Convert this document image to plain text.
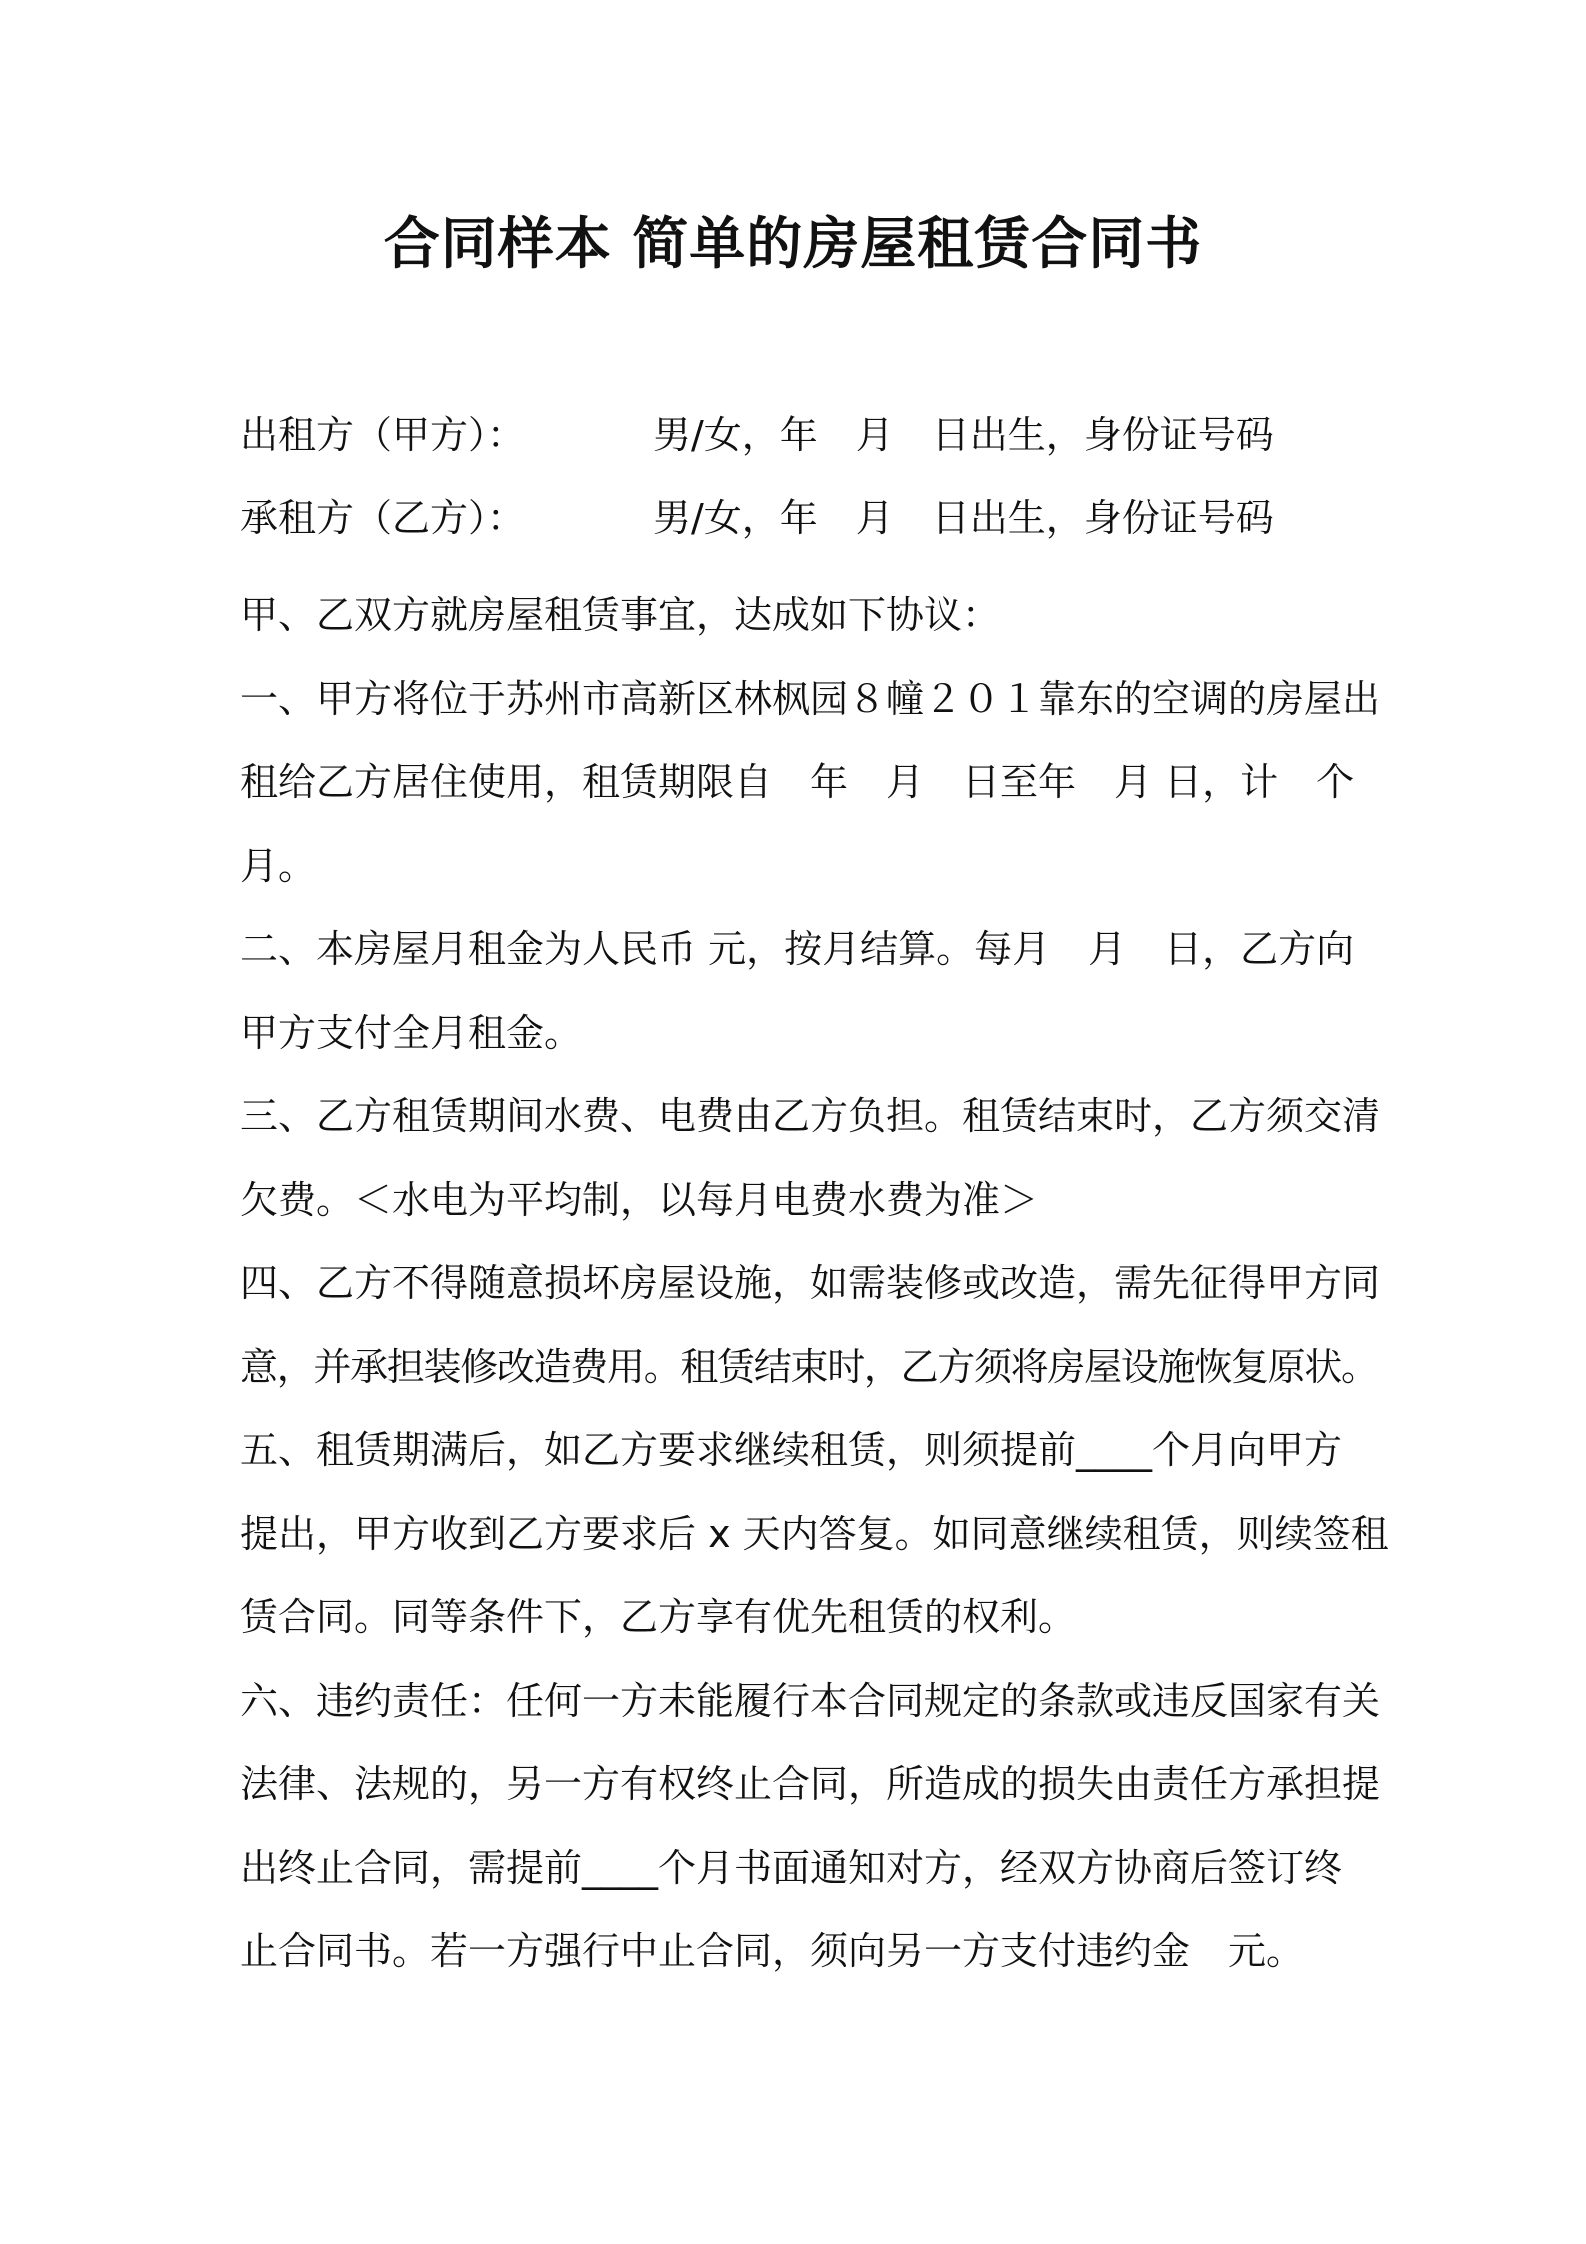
合同样本 简单的房屋租赁合同书
出租方（甲方）：	男/女，年　月　日出生，身份证号码
承租方（乙方）：	男/女，年　月　日出生，身份证号码

甲、乙双方就房屋租赁事宜，达成如下协议：

一、甲方将位于苏州市高新区林枫园８幢２０１靠东的空调的房屋出

租给乙方居住使用，租赁期限自　年　月　日至年　月 日，计　个

月。

二、本房屋月租金为人民币 元，按月结算。每月　月　日，乙方向

甲方支付全月租金。

三、乙方租赁期间水费、电费由乙方负担。租赁结束时，乙方须交清

欠费。＜水电为平均制，以每月电费水费为准＞

四、乙方不得随意损坏房屋设施，如需装修或改造，需先征得甲方同

意，并承担装修改造费用。租赁结束时，乙方须将房屋设施恢复原状。

五、租赁期满后，如乙方要求继续租赁，则须提前____个月向甲方

提出，甲方收到乙方要求后 x 天内答复。如同意继续租赁，则续签租

赁合同。同等条件下，乙方享有优先租赁的权利。

六、违约责任：任何一方未能履行本合同规定的条款或违反国家有关

法律、法规的，另一方有权终止合同，所造成的损失由责任方承担提

出终止合同，需提前____个月书面通知对方，经双方协商后签订终

止合同书。若一方强行中止合同，须向另一方支付违约金　元。
